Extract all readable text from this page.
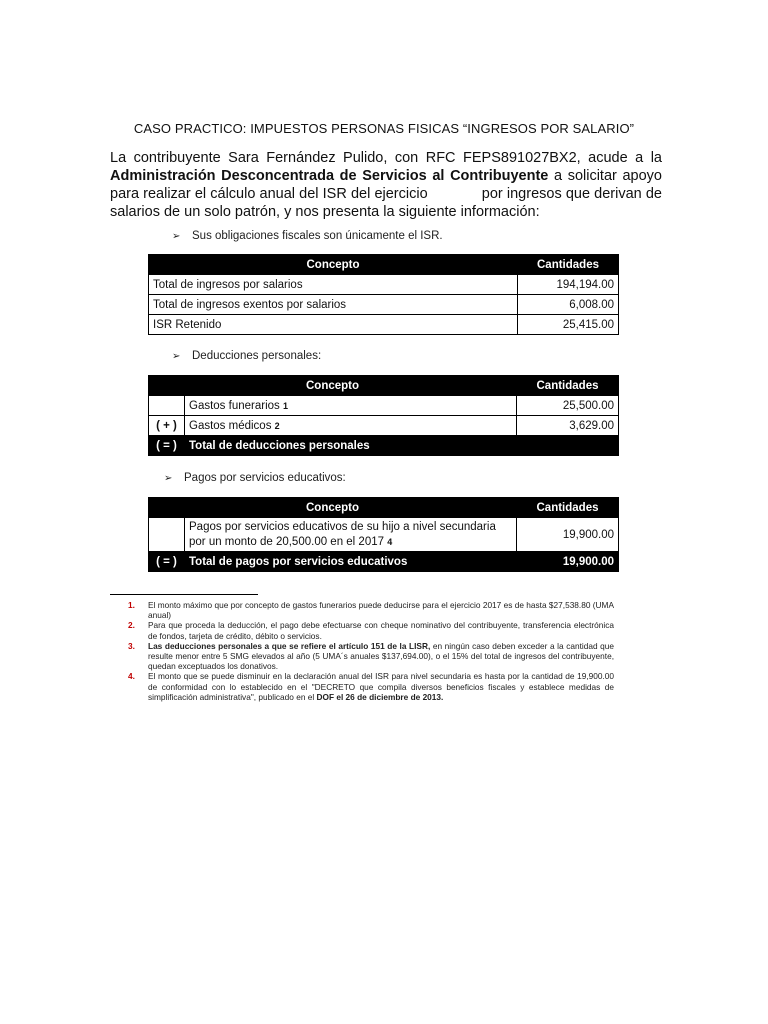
CASO PRACTICO: IMPUESTOS PERSONAS FISICAS “INGRESOS POR SALARIO”
La contribuyente Sara Fernández Pulido, con RFC FEPS891027BX2, acude a la Administración Desconcentrada de Servicios al Contribuyente a solicitar apoyo para realizar el cálculo anual del ISR del ejercicio	por ingresos que derivan de salarios de un solo patrón, y nos presenta la siguiente información:
➢ Sus obligaciones fiscales son únicamente el ISR.
Concepto	Cantidades
Total de ingresos por salarios	194,194.00
Total de ingresos exentos por salarios	6,008.00
ISR Retenido	25,415.00
➢ Deducciones personales:
Concepto		Cantidades
	Gastos funerarios 1	25,500.00
( + )	Gastos médicos 2	3,629.00
( = )	Total de deducciones personales	
➢ Pagos por servicios educativos:
Concepto		Cantidades
	Pagos por servicios educativos de su hijo a nivel secundaria por un monto de 20,500.00 en el 2017 4	19,900.00
( = )	Total de pagos por servicios educativos	19,900.00
1.	El monto máximo que por concepto de gastos funerarios puede deducirse para el ejercicio 2017 es de hasta $27,538.80 (UMA anual)
2.	Para que proceda la deducción, el pago debe efectuarse con cheque nominativo del contribuyente, transferencia electrónica de fondos, tarjeta de crédito, débito o servicios.
3.	Las deducciones personales a que se refiere el artículo 151 de la LISR, en ningún caso deben exceder a la cantidad que resulte menor entre 5 SMG elevados al año (5 UMA´s anuales $137,694.00), o el 15% del total de ingresos del contribuyente, quedan exceptuados los donativos.
4.	El monto que se puede disminuir en la declaración anual del ISR para nivel secundaria es hasta por la cantidad de 19,900.00 de conformidad con lo establecido en el "DECRETO que compila diversos beneficios fiscales y establece medidas de simplificación administrativa", publicado en el DOF el 26 de diciembre de 2013.
